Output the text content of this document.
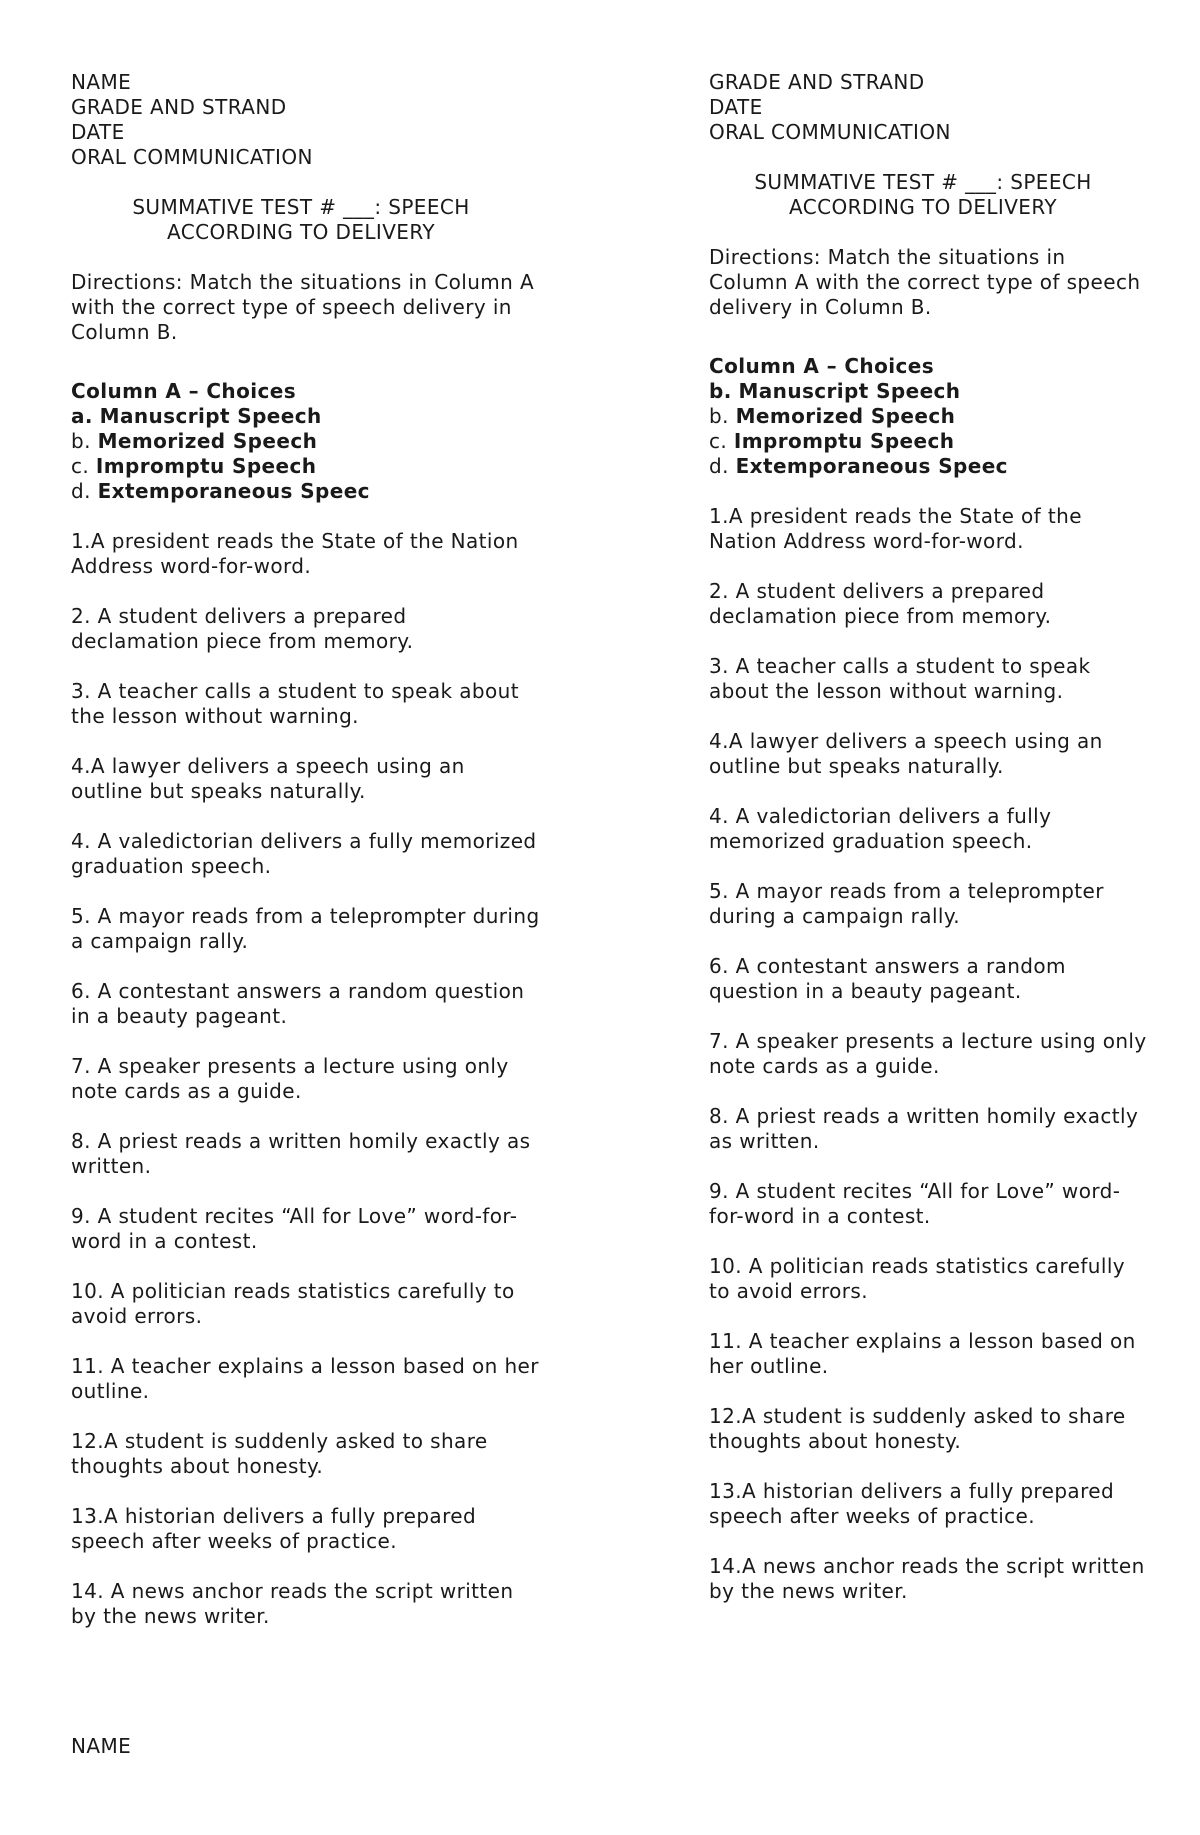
NAME
GRADE AND STRAND
DATE
ORAL COMMUNICATION
SUMMATIVE TEST # ___: SPEECH
ACCORDING TO DELIVERY
Directions: Match the situations in Column A with the correct type of speech delivery in Column B.
Column A – Choices
a. Manuscript Speech
b. Memorized Speech
c. Impromptu Speech
d. Extemporaneous Speec
1.A president reads the State of the Nation Address word-for-word.
2. A student delivers a prepared declamation piece from memory.
3. A teacher calls a student to speak about the lesson without warning.
4.A lawyer delivers a speech using an outline but speaks naturally.
4. A valedictorian delivers a fully memorized graduation speech.
5. A mayor reads from a teleprompter during a campaign rally.
6. A contestant answers a random question in a beauty pageant.
7. A speaker presents a lecture using only note cards as a guide.
8. A priest reads a written homily exactly as written.
9. A student recites “All for Love” word-for-word in a contest.
10. A politician reads statistics carefully to avoid errors.
11. A teacher explains a lesson based on her outline.
12.A student is suddenly asked to share thoughts about honesty.
13.A historian delivers a fully prepared speech after weeks of practice.
14. A news anchor reads the script written by the news writer.
GRADE AND STRAND
DATE
ORAL COMMUNICATION
SUMMATIVE TEST # ___: SPEECH
ACCORDING TO DELIVERY
Directions: Match the situations in Column A with the correct type of speech delivery in Column B.
Column A – Choices
b. Manuscript Speech
b. Memorized Speech
c. Impromptu Speech
d. Extemporaneous Speec
1.A president reads the State of the Nation Address word-for-word.
2. A student delivers a prepared declamation piece from memory.
3. A teacher calls a student to speak about the lesson without warning.
4.A lawyer delivers a speech using an outline but speaks naturally.
4. A valedictorian delivers a fully memorized graduation speech.
5. A mayor reads from a teleprompter during a campaign rally.
6. A contestant answers a random question in a beauty pageant.
7. A speaker presents a lecture using only note cards as a guide.
8. A priest reads a written homily exactly as written.
9. A student recites “All for Love” word-for-word in a contest.
10. A politician reads statistics carefully to avoid errors.
11. A teacher explains a lesson based on her outline.
12.A student is suddenly asked to share thoughts about honesty.
13.A historian delivers a fully prepared speech after weeks of practice.
14.A news anchor reads the script written by the news writer.
NAME
